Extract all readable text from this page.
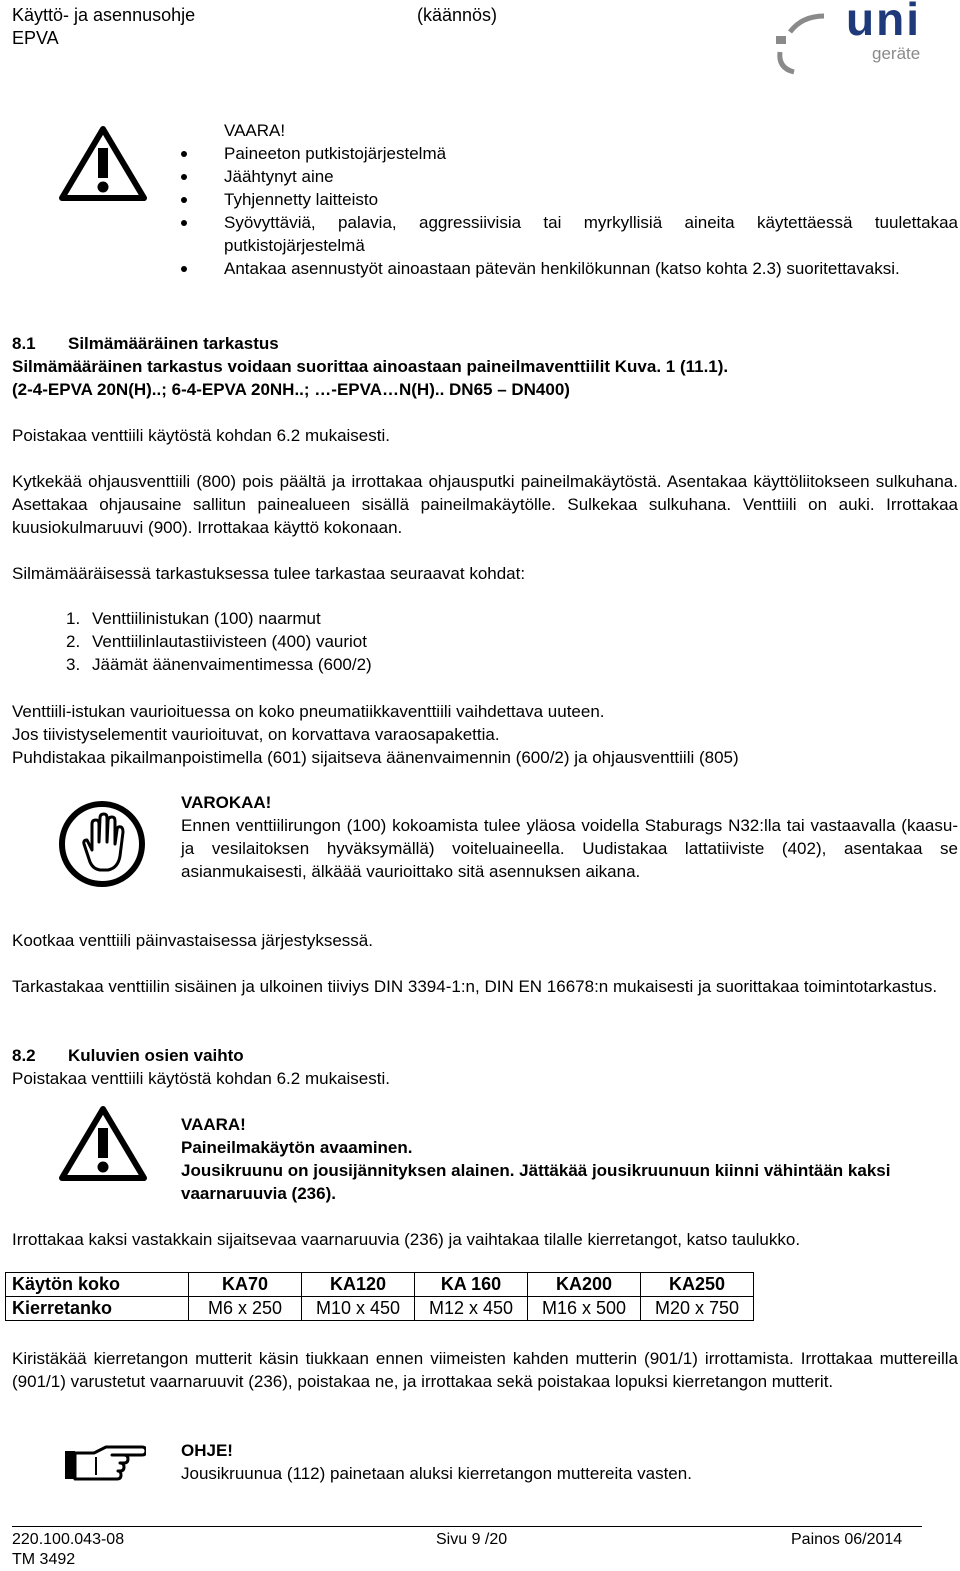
Käyttö- ja asennusohje
EPVA
(käännös)	uni
geräte
VAARA!
Paineeton putkistojärjestelmä
Jäähtynyt aine
Tyhjennetty laitteisto
Syövyttäviä, palavia, aggressiivisia tai myrkyllisiä aineita käytettäessä tuulettakaa putkistojärjestelmä
Antakaa asennustyöt ainoastaan pätevän henkilökunnan (katso kohta 2.3) suoritettavaksi.
8.1 Silmämääräinen tarkastus
Silmämääräinen tarkastus voidaan suorittaa ainoastaan paineilmaventtiilit Kuva. 1 (11.1).
(2-4-EPVA 20N(H)..; 6-4-EPVA 20NH..; …-EPVA…N(H).. DN65 – DN400)
Poistakaa venttiili käytöstä kohdan 6.2 mukaisesti.
Kytkekää ohjausventtiili (800) pois päältä ja irrottakaa ohjausputki paineilmakäytöstä. Asentakaa käyttöliitokseen sulkuhana. Asettakaa ohjausaine sallitun painealueen sisällä paineilmakäytölle. Sulkekaa sulkuhana. Venttiili on auki. Irrottakaa kuusiokulmaruuvi (900). Irrottakaa käyttö kokonaan.
Silmämääräisessä tarkastuksessa tulee tarkastaa seuraavat kohdat:
1. Venttiilinistukan (100) naarmut
2. Venttiilinlautastiivisteen (400) vauriot
3. Jäämät äänenvaimentimessa (600/2)
Venttiili-istukan vaurioituessa on koko pneumatiikkaventtiili vaihdettava uuteen.
Jos tiivistyselementit vaurioituvat, on korvattava varaosapakettia.
Puhdistakaa pikailmanpoistimella (601) sijaitseva äänenvaimennin (600/2) ja ohjausventtiili (805)
VAROKAA!
Ennen venttiilirungon (100) kokoamista tulee yläosa voidella Staburags N32:lla tai vastaavalla (kaasu- ja vesilaitoksen hyväksymällä) voiteluaineella. Uudistakaa lattatiiviste (402), asentakaa se asianmukaisesti, älkäää vaurioittako sitä asennuksen aikana.
Kootkaa venttiili päinvastaisessa järjestyksessä.
Tarkastakaa venttiilin sisäinen ja ulkoinen tiiviys DIN 3394-1:n, DIN EN 16678:n mukaisesti ja suorittakaa toimintotarkastus.
8.2 Kuluvien osien vaihto
Poistakaa venttiili käytöstä kohdan 6.2 mukaisesti.
VAARA!
Paineilmakäytön avaaminen.
Jousikruunu on jousijännityksen alainen. Jättäkää jousikruunuun kiinni vähintään kaksi vaarnaruuvia (236).
Irrottakaa kaksi vastakkain sijaitsevaa vaarnaruuvia (236) ja vaihtakaa tilalle kierretangot, katso taulukko.
Käytön koko	KA70	KA120	KA 160	KA200	KA250
Kierretanko	M6 x 250	M10 x 450	M12 x 450	M16 x 500	M20 x 750
Kiristäkää kierretangon mutterit käsin tiukkaan ennen viimeisten kahden mutterin (901/1) irrottamista. Irrottakaa muttereilla (901/1) varustetut vaarnaruuvit (236), poistakaa ne, ja irrottakaa sekä poistakaa lopuksi kierretangon mutterit.
OHJE!
Jousikruunua (112) painetaan aluksi kierretangon muttereita vasten.
220.100.043-08
TM 3492
Sivu 9 /20	Painos 06/2014
